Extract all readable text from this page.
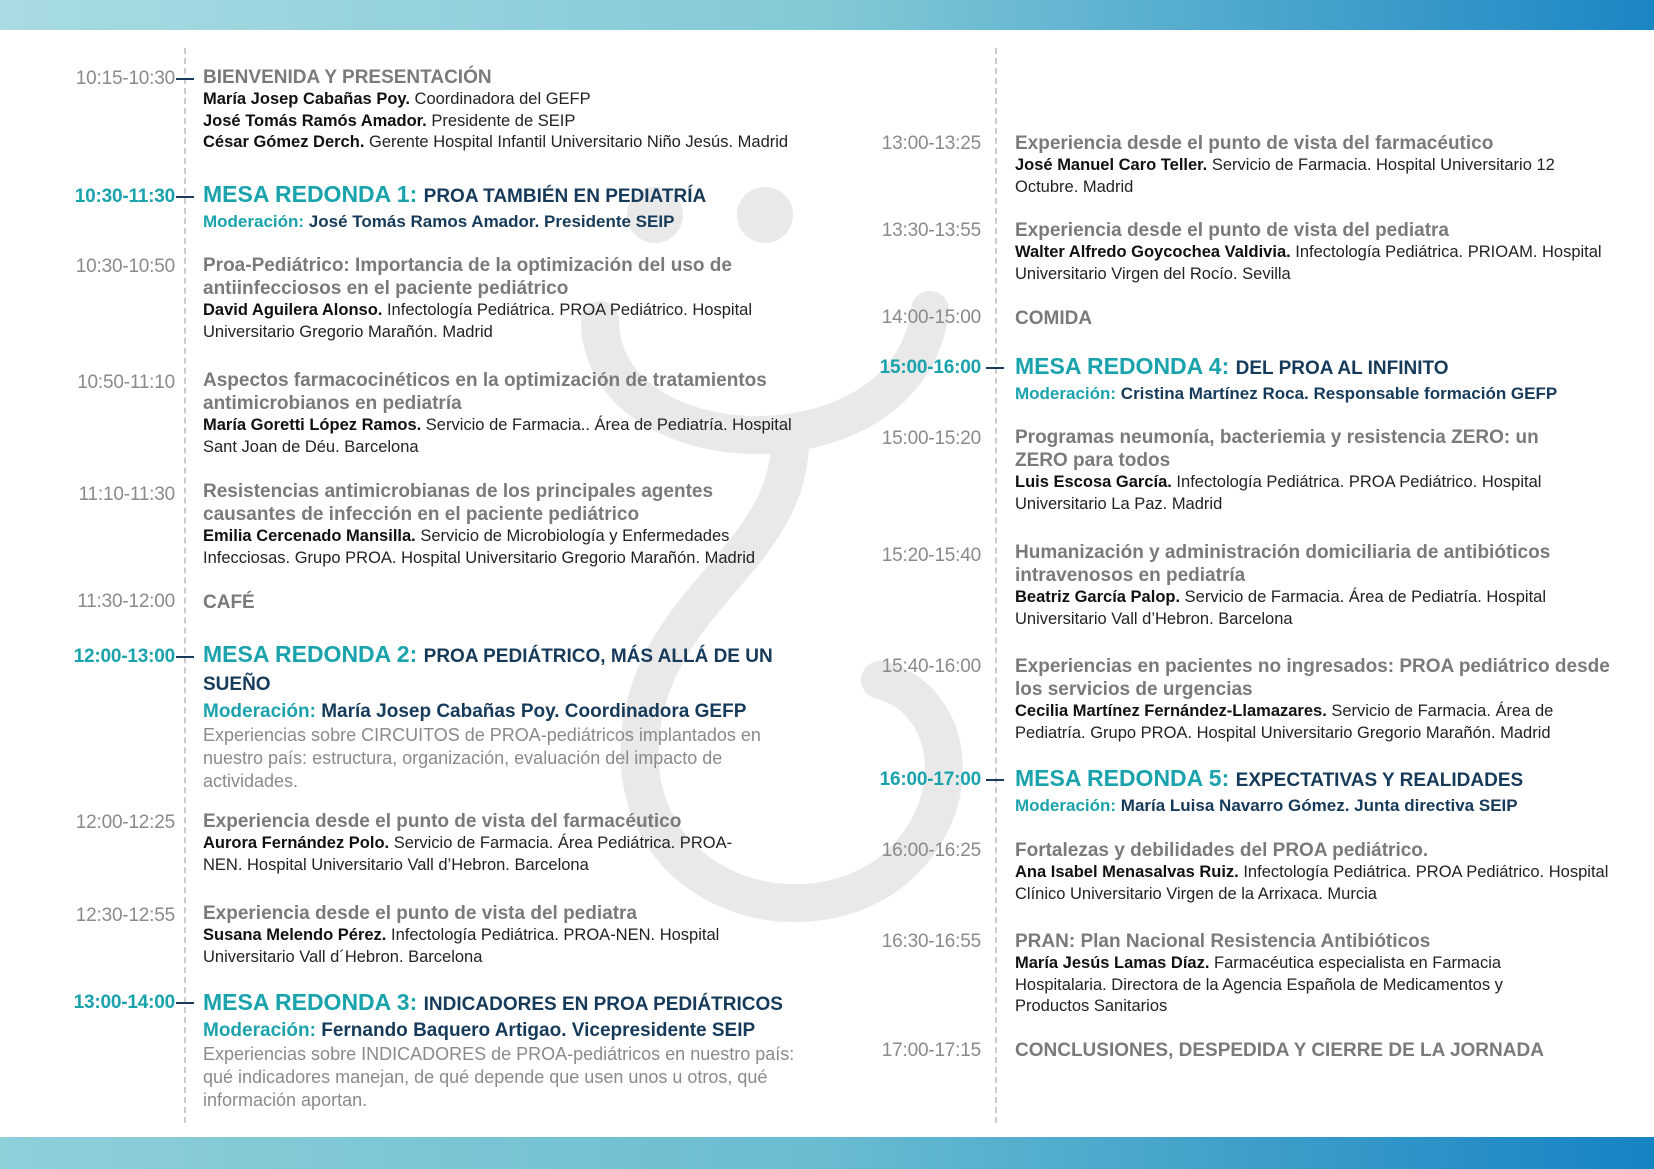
10:15-10:30 BIENVENIDA Y PRESENTACIÓN
María Josep Cabañas Poy. Coordinadora del GEFP
José Tomás Ramós Amador. Presidente de SEIP
César Gómez Derch. Gerente Hospital Infantil Universitario Niño Jesús. Madrid
10:30-11:30 MESA REDONDA 1: PROA TAMBIÉN EN PEDIATRÍA
Moderación: José Tomás Ramos Amador. Presidente SEIP
10:30-10:50 Proa-Pediátrico: Importancia de la optimización del uso de antiinfecciosos en el paciente pediátrico
David Aguilera Alonso. Infectología Pediátrica. PROA Pediátrico. Hospital Universitario Gregorio Marañón. Madrid
10:50-11:10 Aspectos farmacocinéticos en la optimización de tratamientos antimicrobianos en pediatría
María Goretti López Ramos. Servicio de Farmacia.. Área de Pediatría. Hospital Sant Joan de Déu. Barcelona
11:10-11:30 Resistencias antimicrobianas de los principales agentes causantes de infección en el paciente pediátrico
Emilia Cercenado Mansilla. Servicio de Microbiología y Enfermedades Infecciosas. Grupo PROA. Hospital Universitario Gregorio Marañón. Madrid
11:30-12:00 CAFÉ
12:00-13:00 MESA REDONDA 2: PROA PEDIÁTRICO, MÁS ALLÁ DE UN SUEÑO
Moderación: María Josep Cabañas Poy. Coordinadora GEFP
Experiencias sobre CIRCUITOS de PROA-pediátricos implantados en nuestro país: estructura, organización, evaluación del impacto de actividades.
12:00-12:25 Experiencia desde el punto de vista del farmacéutico
Aurora Fernández Polo. Servicio de Farmacia. Área Pediátrica. PROA-NEN. Hospital Universitario Vall d’Hebron. Barcelona
12:30-12:55 Experiencia desde el punto de vista del pediatra
Susana Melendo Pérez. Infectología Pediátrica. PROA-NEN. Hospital Universitario Vall d´Hebron. Barcelona
13:00-14:00 MESA REDONDA 3: INDICADORES EN PROA PEDIÁTRICOS
Moderación: Fernando Baquero Artigao. Vicepresidente SEIP
Experiencias sobre INDICADORES de PROA-pediátricos en nuestro país: qué indicadores manejan, de qué depende que usen unos u otros, qué información aportan.
13:00-13:25 Experiencia desde el punto de vista del farmacéutico
José Manuel Caro Teller. Servicio de Farmacia. Hospital Universitario 12 Octubre. Madrid
13:30-13:55 Experiencia desde el punto de vista del pediatra
Walter Alfredo Goycochea Valdivia. Infectología Pediátrica. PRIOAM. Hospital Universitario Virgen del Rocío. Sevilla
14:00-15:00 COMIDA
15:00-16:00 MESA REDONDA 4: DEL PROA AL INFINITO
Moderación: Cristina Martínez Roca. Responsable formación GEFP
15:00-15:20 Programas neumonía, bacteriemia y resistencia ZERO: un ZERO para todos
Luis Escosa García. Infectología Pediátrica. PROA Pediátrico. Hospital Universitario La Paz. Madrid
15:20-15:40 Humanización y administración domiciliaria de antibióticos intravenosos en pediatría
Beatriz García Palop. Servicio de Farmacia. Área de Pediatría. Hospital Universitario Vall d’Hebron. Barcelona
15:40-16:00 Experiencias en pacientes no ingresados: PROA pediátrico desde los servicios de urgencias
Cecilia Martínez Fernández-Llamazares. Servicio de Farmacia. Área de Pediatría. Grupo PROA. Hospital Universitario Gregorio Marañón. Madrid
16:00-17:00 MESA REDONDA 5: EXPECTATIVAS Y REALIDADES
Moderación: María Luisa Navarro Gómez. Junta directiva SEIP
16:00-16:25 Fortalezas y debilidades del PROA pediátrico.
Ana Isabel Menasalvas Ruiz. Infectología Pediátrica. PROA Pediátrico. Hospital Clínico Universitario Virgen de la Arrixaca. Murcia
16:30-16:55 PRAN: Plan Nacional Resistencia Antibióticos
María Jesús Lamas Díaz. Farmacéutica especialista en Farmacia Hospitalaria. Directora de la Agencia Española de Medicamentos y Productos Sanitarios
17:00-17:15 CONCLUSIONES, DESPEDIDA Y CIERRE DE LA JORNADA
